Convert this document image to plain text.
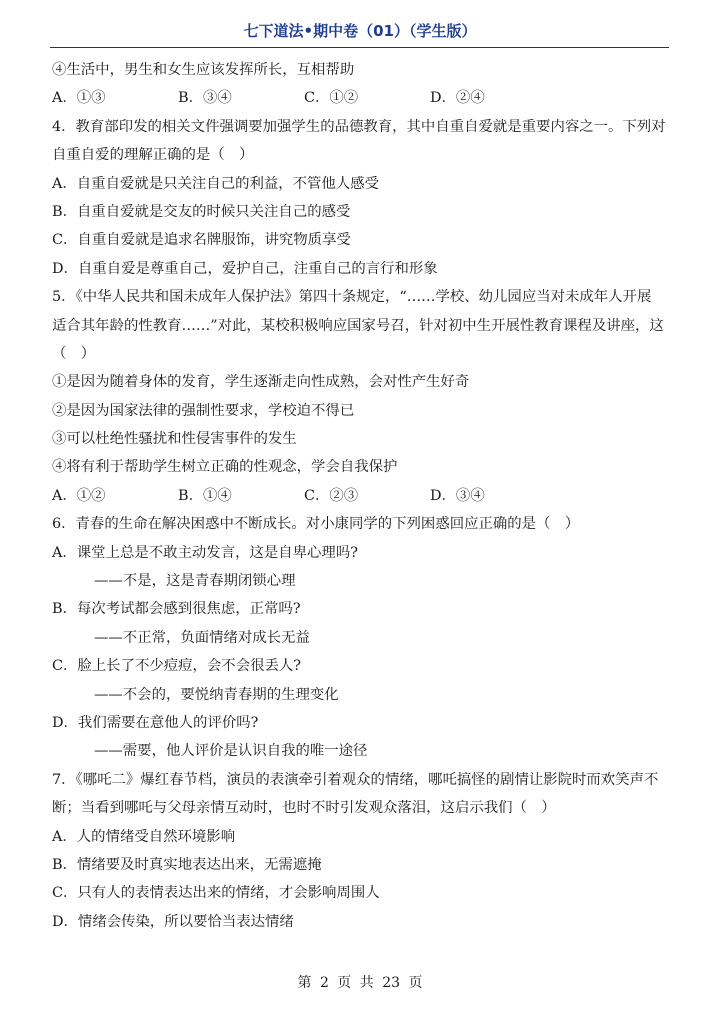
七下道法•期中卷（01）（学生版）
④生活中，男生和女生应该发挥所长，互相帮助
A．①③	B．③④	C．①②	D．②④
4．教育部印发的相关文件强调要加强学生的品德教育，其中自重自爱就是重要内容之一。下列对
自重自爱的理解正确的是（　）
A．自重自爱就是只关注自己的利益，不管他人感受
B．自重自爱就是交友的时候只关注自己的感受
C．自重自爱就是追求名牌服饰，讲究物质享受
D．自重自爱是尊重自己，爱护自己，注重自己的言行和形象
5．《中华人民共和国未成年人保护法》第四十条规定，“……学校、幼儿园应当对未成年人开展
适合其年龄的性教育……”对此，某校积极响应国家号召，针对初中生开展性教育课程及讲座，这
（　）
①是因为随着身体的发育，学生逐渐走向性成熟，会对性产生好奇
②是因为国家法律的强制性要求，学校迫不得已
③可以杜绝性骚扰和性侵害事件的发生
④将有利于帮助学生树立正确的性观念，学会自我保护
A．①②	B．①④	C．②③	D．③④
6．青春的生命在解决困惑中不断成长。对小康同学的下列困惑回应正确的是（　）
A．课堂上总是不敢主动发言，这是自卑心理吗?
——不是，这是青春期闭锁心理
B．每次考试都会感到很焦虑，正常吗?
——不正常，负面情绪对成长无益
C．脸上长了不少痘痘，会不会很丢人?
——不会的，要悦纳青春期的生理变化
D．我们需要在意他人的评价吗?
——需要，他人评价是认识自我的唯一途径
7．《哪吒二》爆红春节档，演员的表演牵引着观众的情绪，哪吒搞怪的剧情让影院时而欢笑声不
断；当看到哪吒与父母亲情互动时，也时不时引发观众落泪，这启示我们（　）
A．人的情绪受自然环境影响
B．情绪要及时真实地表达出来，无需遮掩
C．只有人的表情表达出来的情绪，才会影响周围人
D．情绪会传染，所以要恰当表达情绪
第 2 页 共 23 页
